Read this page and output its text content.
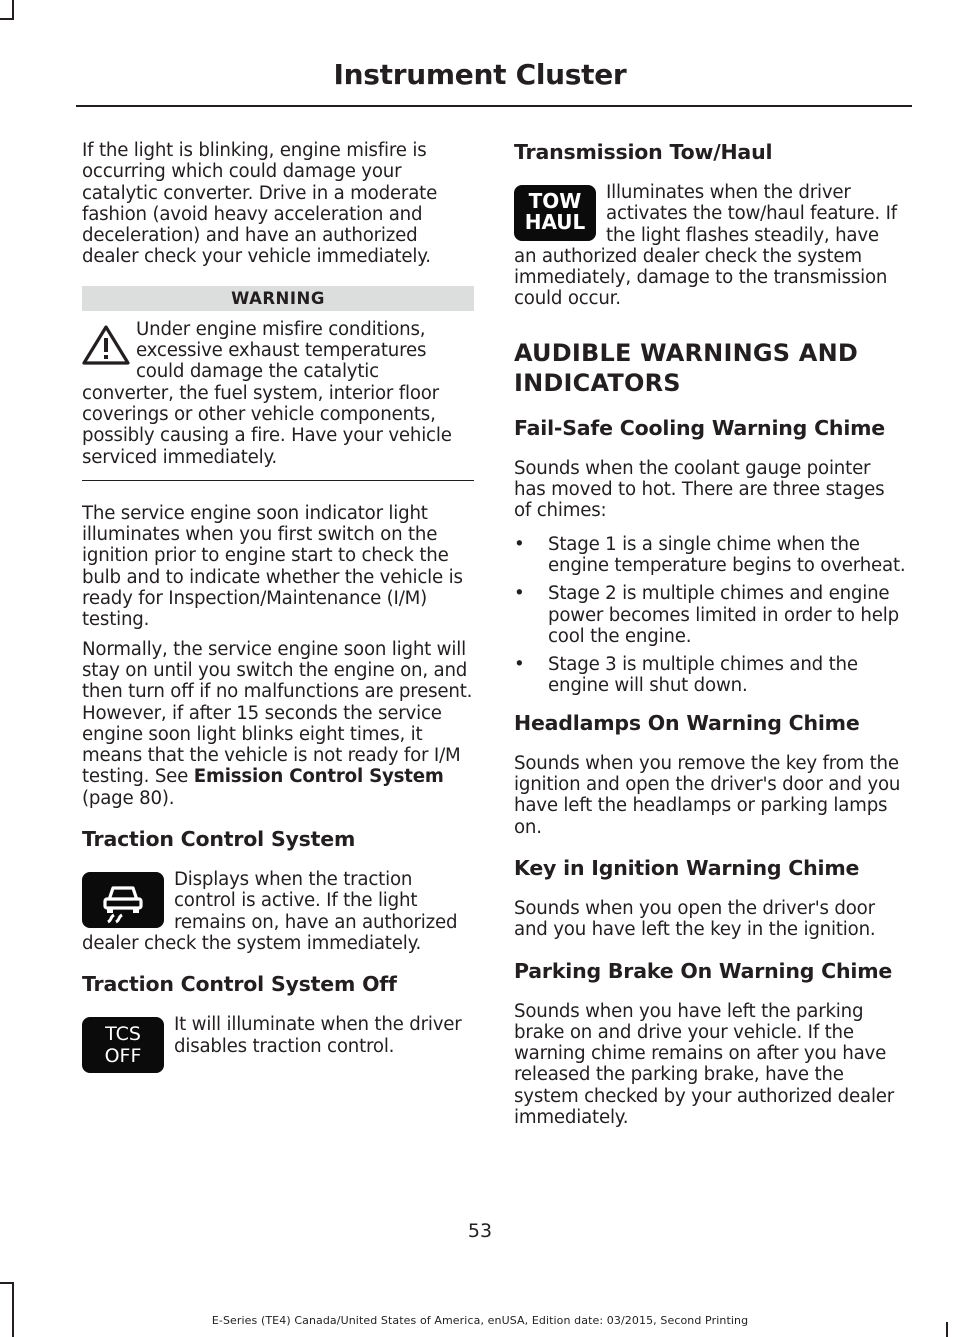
Instrument Cluster

If the light is blinking, engine misfire is occurring which could damage your catalytic converter. Drive in a moderate fashion (avoid heavy acceleration and deceleration) and have an authorized dealer check your vehicle immediately.

WARNING

Under engine misfire conditions, excessive exhaust temperatures could damage the catalytic converter, the fuel system, interior floor coverings or other vehicle components, possibly causing a fire. Have your vehicle serviced immediately.

The service engine soon indicator light illuminates when you first switch on the ignition prior to engine start to check the bulb and to indicate whether the vehicle is ready for Inspection/Maintenance (I/M) testing.

Normally, the service engine soon light will stay on until you switch the engine on, and then turn off if no malfunctions are present. However, if after 15 seconds the service engine soon light blinks eight times, it means that the vehicle is not ready for I/M testing. See Emission Control System (page 80).

Traction Control System

Displays when the traction control is active. If the light remains on, have an authorized dealer check the system immediately.

Traction Control System Off
TCS
OFF

It will illuminate when the driver disables traction control.

Transmission Tow/Haul
TOW
HAUL

Illuminates when the driver activates the tow/haul feature. If the light flashes steadily, have an authorized dealer check the system immediately, damage to the transmission could occur.

AUDIBLE WARNINGS AND INDICATORS
Fail-Safe Cooling Warning Chime

Sounds when the coolant gauge pointer has moved to hot. There are three stages of chimes:

• Stage 1 is a single chime when the engine temperature begins to overheat.
• Stage 2 is multiple chimes and engine power becomes limited in order to help cool the engine.
• Stage 3 is multiple chimes and the engine will shut down.
Headlamps On Warning Chime

Sounds when you remove the key from the ignition and open the driver's door and you have left the headlamps or parking lamps on.

Key in Ignition Warning Chime

Sounds when you open the driver's door and you have left the key in the ignition.

Parking Brake On Warning Chime

Sounds when you have left the parking brake on and drive your vehicle. If the warning chime remains on after you have released the parking brake, have the system checked by your authorized dealer immediately.

53
E-Series (TE4) Canada/United States of America, enUSA, Edition date: 03/2015, Second Printing
